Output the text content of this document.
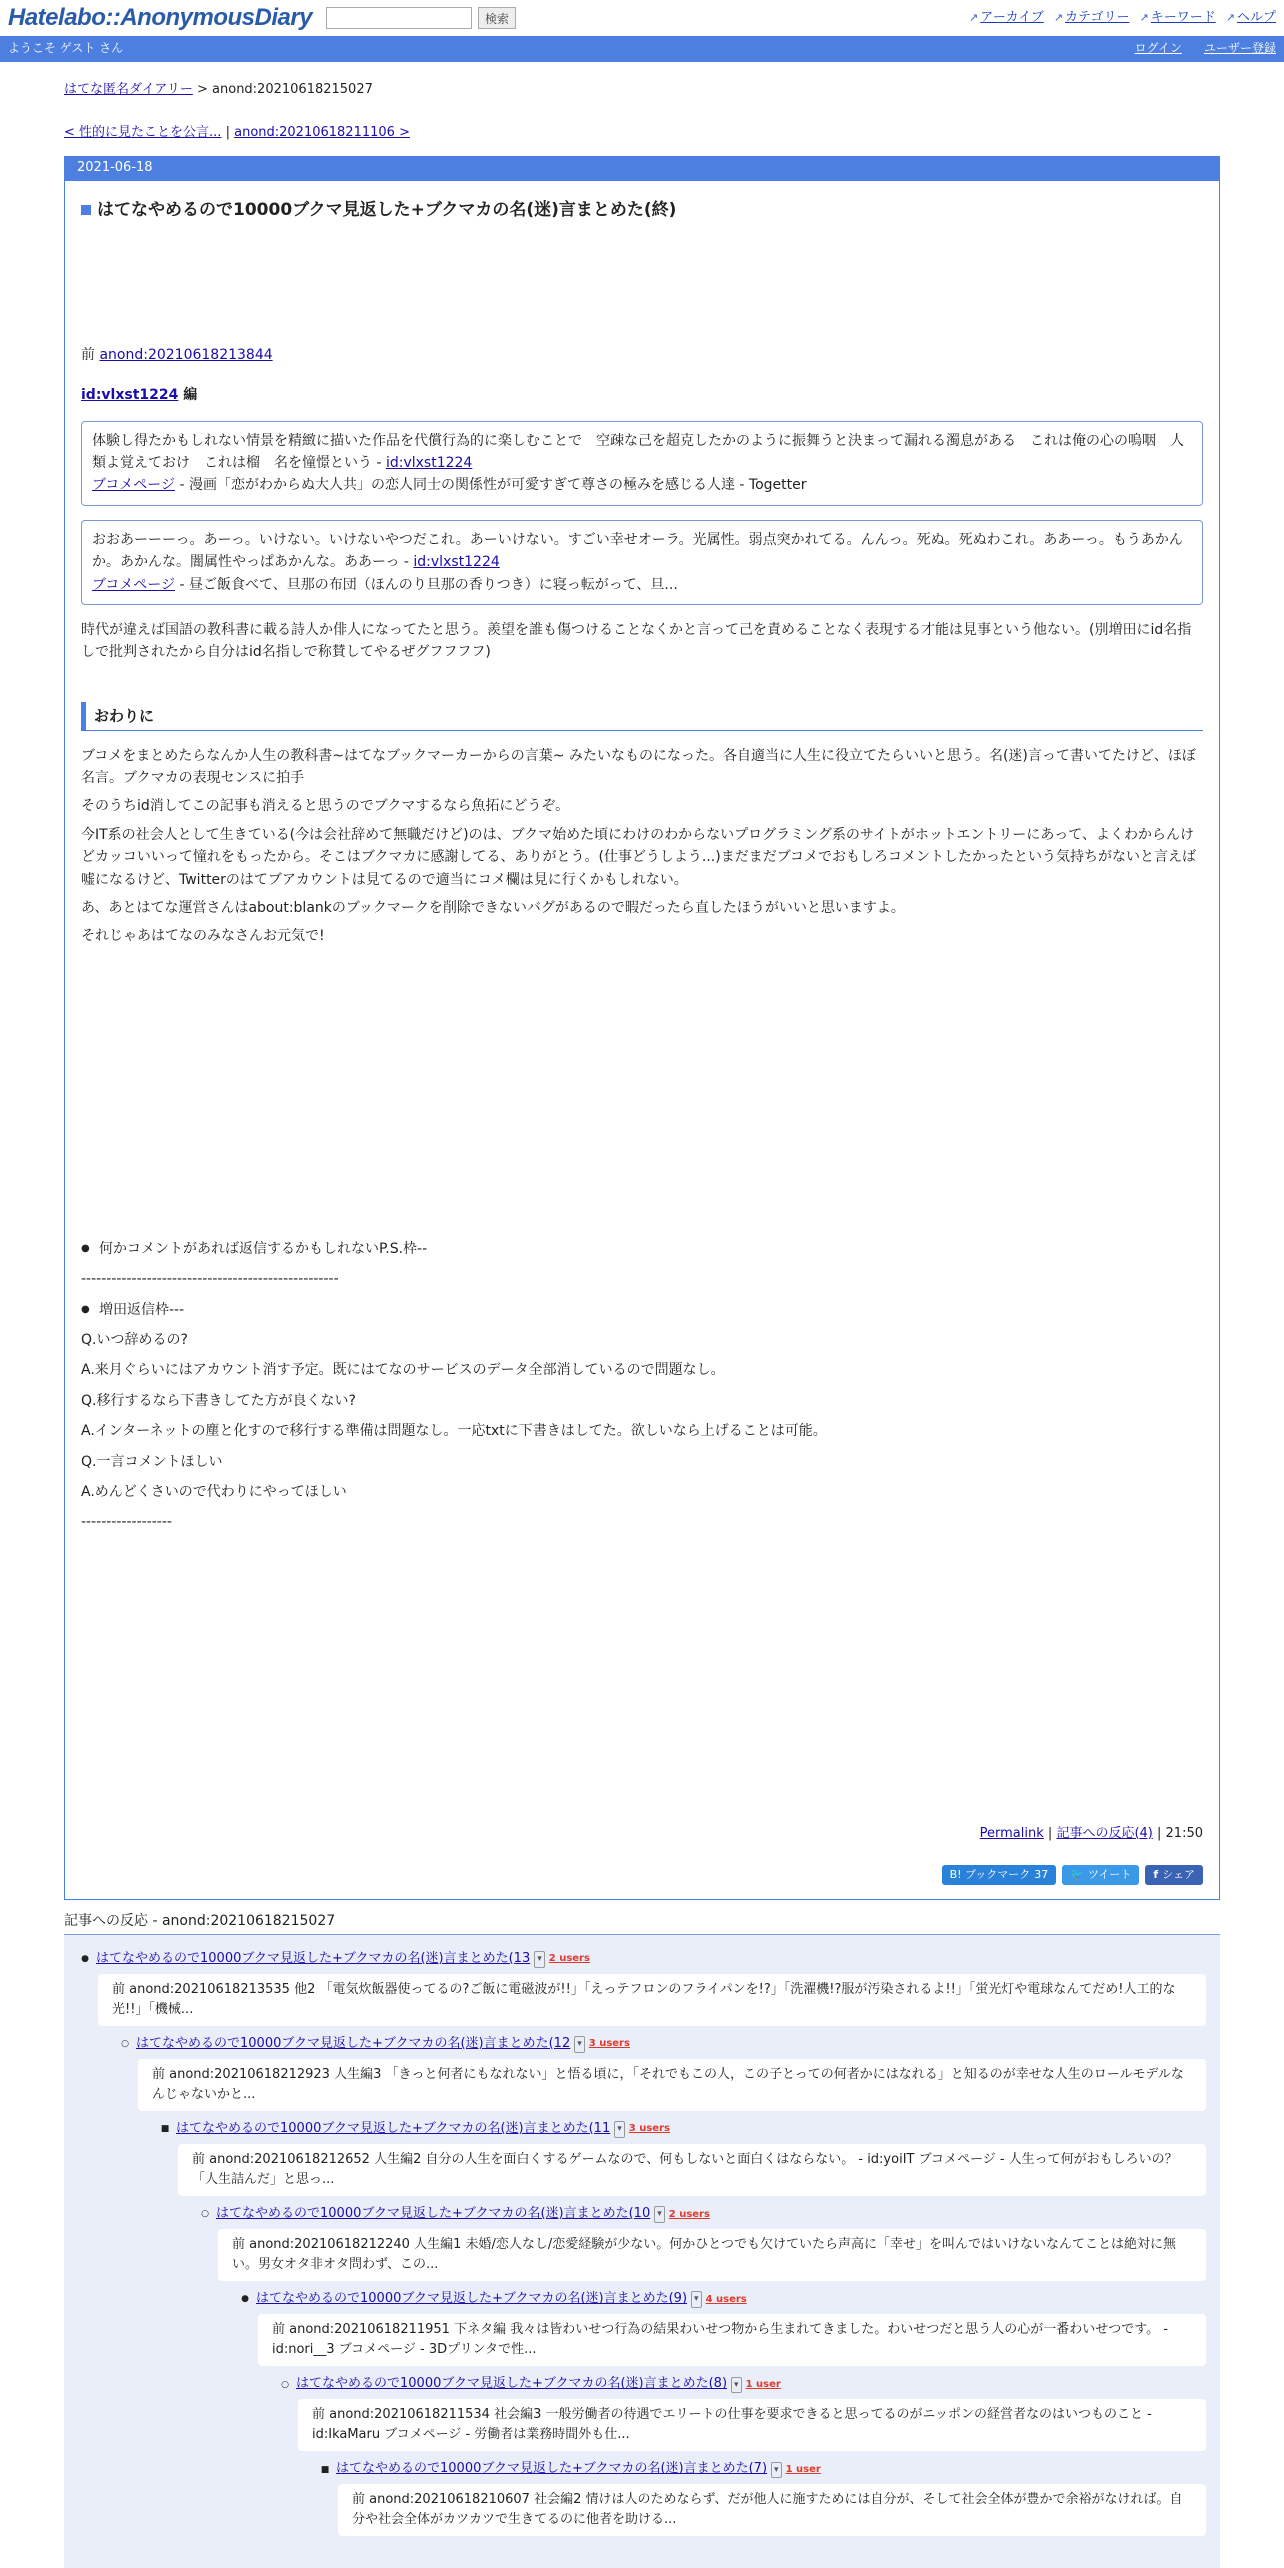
Hatelabo::AnonymousDiary	検索	↗ アーカイブ ↗ カテゴリー ↗ キーワード ↗ ヘルプ
ようこそ ゲスト さん	ログイン ユーザー登録
はてな匿名ダイアリー > anond:20210618215027
< 性的に見たことを公言... | anond:20210618211106 >
2021-06-18
はてなやめるので10000ブクマ見返した+ブクマカの名(迷)言まとめた(終)
前 anond:20210618213844
id:vlxst1224 編
体験し得たかもしれない情景を精緻に描いた作品を代償行為的に楽しむことで　空疎な己を超克したかのように振舞うと決まって漏れる濁息がある　これは俺の心の嗚咽　人類よ覚えておけ　これは榴　名を憧憬という - id:vlxst1224
ブコメページ - 漫画「恋がわからぬ大人共」の恋人同士の関係性が可愛すぎて尊さの極みを感じる人達 - Togetter
おおあーーーっ。あーっ。いけない。いけないやつだこれ。あーいけない。すごい幸せオーラ。光属性。弱点突かれてる。んんっ。死ぬ。死ぬわこれ。ああーっ。もうあかんか。あかんな。闇属性やっぱあかんな。ああーっ - id:vlxst1224
ブコメページ - 昼ご飯食べて、旦那の布団（ほんのり旦那の香りつき）に寝っ転がって、旦...

時代が違えば国語の教科書に載る詩人か俳人になってたと思う。羨望を誰も傷つけることなくかと言って己を責めることなく表現する才能は見事という他ない。(別増田にid名指しで批判されたから自分はid名指しで称賛してやるぜグフフフフ)

おわりに

ブコメをまとめたらなんか人生の教科書~はてなブックマーカーからの言葉~ みたいなものになった。各自適当に人生に役立てたらいいと思う。名(迷)言って書いてたけど、ほぼ名言。ブクマカの表現センスに拍手

そのうちid消してこの記事も消えると思うのでブクマするなら魚拓にどうぞ。

今IT系の社会人として生きている(今は会社辞めて無職だけど)のは、ブクマ始めた頃にわけのわからないプログラミング系のサイトがホットエントリーにあって、よくわからんけどカッコいいって憧れをもったから。そこはブクマカに感謝してる、ありがとう。(仕事どうしよう...)まだまだブコメでおもしろコメントしたかったという気持ちがないと言えば嘘になるけど、Twitterのはてブアカウントは見てるので適当にコメ欄は見に行くかもしれない。

あ、あとはてな運営さんはabout:blankのブックマークを削除できないバグがあるので暇だったら直したほうがいいと思いますよ。

それじゃあはてなのみなさんお元気で!

● 何かコメントがあれば返信するかもしれないP.S.枠--

---------------------------------------------------

● 増田返信枠---

Q.いつ辞めるの?

A.来月ぐらいにはアカウント消す予定。既にはてなのサービスのデータ全部消しているので問題なし。

Q.移行するなら下書きしてた方が良くない?

A.インターネットの塵と化すので移行する準備は問題なし。一応txtに下書きはしてた。欲しいなら上げることは可能。

Q.一言コメントほしい

A.めんどくさいので代わりにやってほしい

------------------

Permalink | 記事への反応(4) | 21:50
B! ブックマーク 37 🐦 ツイート f シェア
記事への反応 - anond:20210618215027
● はてなやめるので10000ブクマ見返した+ブクマカの名(迷)言まとめた(13 ▾ 2 users
前 anond:20210618213535 他2 「電気炊飯器使ってるの?ご飯に電磁波が!!」「えっテフロンのフライパンを!?」「洗濯機!?服が汚染されるよ!!」「蛍光灯や電球なんてだめ!人工的な光!!」「機械...
○ はてなやめるので10000ブクマ見返した+ブクマカの名(迷)言まとめた(12 ▾ 3 users
前 anond:20210618212923 人生編3 「きっと何者にもなれない」と悟る頃に，「それでもこの人，この子とっての何者かにはなれる」と知るのが幸せな人生のロールモデルなんじゃないかと...
■ はてなやめるので10000ブクマ見返した+ブクマカの名(迷)言まとめた(11 ▾ 3 users
前 anond:20210618212652 人生編2 自分の人生を面白くするゲームなので、何もしないと面白くはならない。 - id:yoiIT ブコメページ - 人生って何がおもしろいの？ 「人生詰んだ」と思っ...
○ はてなやめるので10000ブクマ見返した+ブクマカの名(迷)言まとめた(10 ▾ 2 users
前 anond:20210618212240 人生編1 未婚/恋人なし/恋愛経験が少ない。何かひとつでも欠けていたら声高に「幸せ」を叫んではいけないなんてことは絶対に無い。男女オタ非オタ問わず、この...
● はてなやめるので10000ブクマ見返した+ブクマカの名(迷)言まとめた(9) ▾ 4 users
前 anond:20210618211951 下ネタ編 我々は皆わいせつ行為の結果わいせつ物から生まれてきました。わいせつだと思う人の心が一番わいせつです。 - id:nori__3 ブコメページ - 3Dプリンタで性...
○ はてなやめるので10000ブクマ見返した+ブクマカの名(迷)言まとめた(8) ▾ 1 user
前 anond:20210618211534 社会編3 一般労働者の待遇でエリートの仕事を要求できると思ってるのがニッポンの経営者なのはいつものこと - id:IkaMaru ブコメページ - 労働者は業務時間外も仕...
■ はてなやめるので10000ブクマ見返した+ブクマカの名(迷)言まとめた(7) ▾ 1 user
前 anond:20210618210607 社会編2 情けは人のためならず、だが他人に施すためには自分が、そして社会全体が豊かで余裕がなければ。自分や社会全体がカツカツで生きてるのに他者を助ける...
